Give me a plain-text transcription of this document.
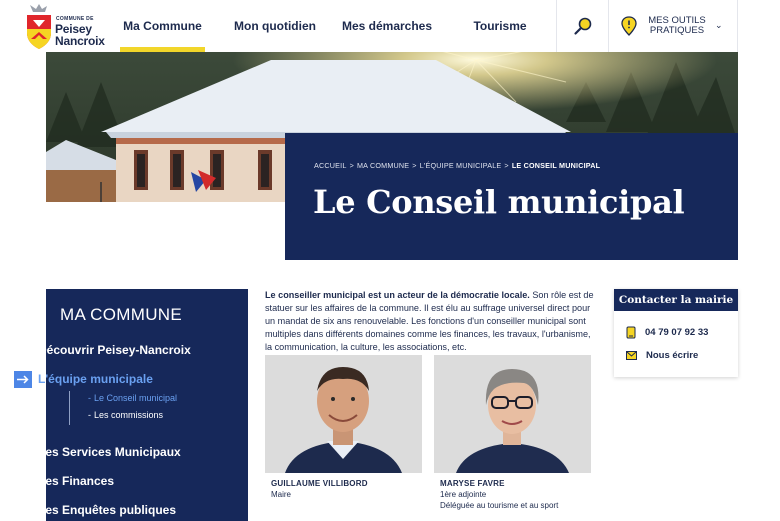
COMMUNE DE
Peisey
Nancroix
Ma Commune	Mon quotidien	Mes démarches	Tourisme	MES OUTILS
PRATIQUES	⌄
ACCUEIL > MA COMMUNE > L'ÉQUIPE MUNICIPALE > LE CONSEIL MUNICIPAL
Le Conseil municipal
MA COMMUNE
Découvrir Peisey-Nancroix
L'équipe municipale
- Le Conseil municipal
- Les commissions
Les Services Municipaux
Les Finances
Les Enquêtes publiques
Le conseiller municipal est un acteur de la démocratie locale. Son rôle est de statuer sur les affaires de la commune. Il est élu au suffrage universel direct pour un mandat de six ans renouvelable. Les fonctions d'un conseiller municipal sont multiples dans différents domaines comme les finances, les travaux, l'urbanisme, la communication, la culture, les associations, etc.
GUILLAUME VILLIBORD
Maire
MARYSE FAVRE
1ère adjointe
Déléguée au tourisme et au sport
Contacter la mairie
04 79 07 92 33
Nous écrire
